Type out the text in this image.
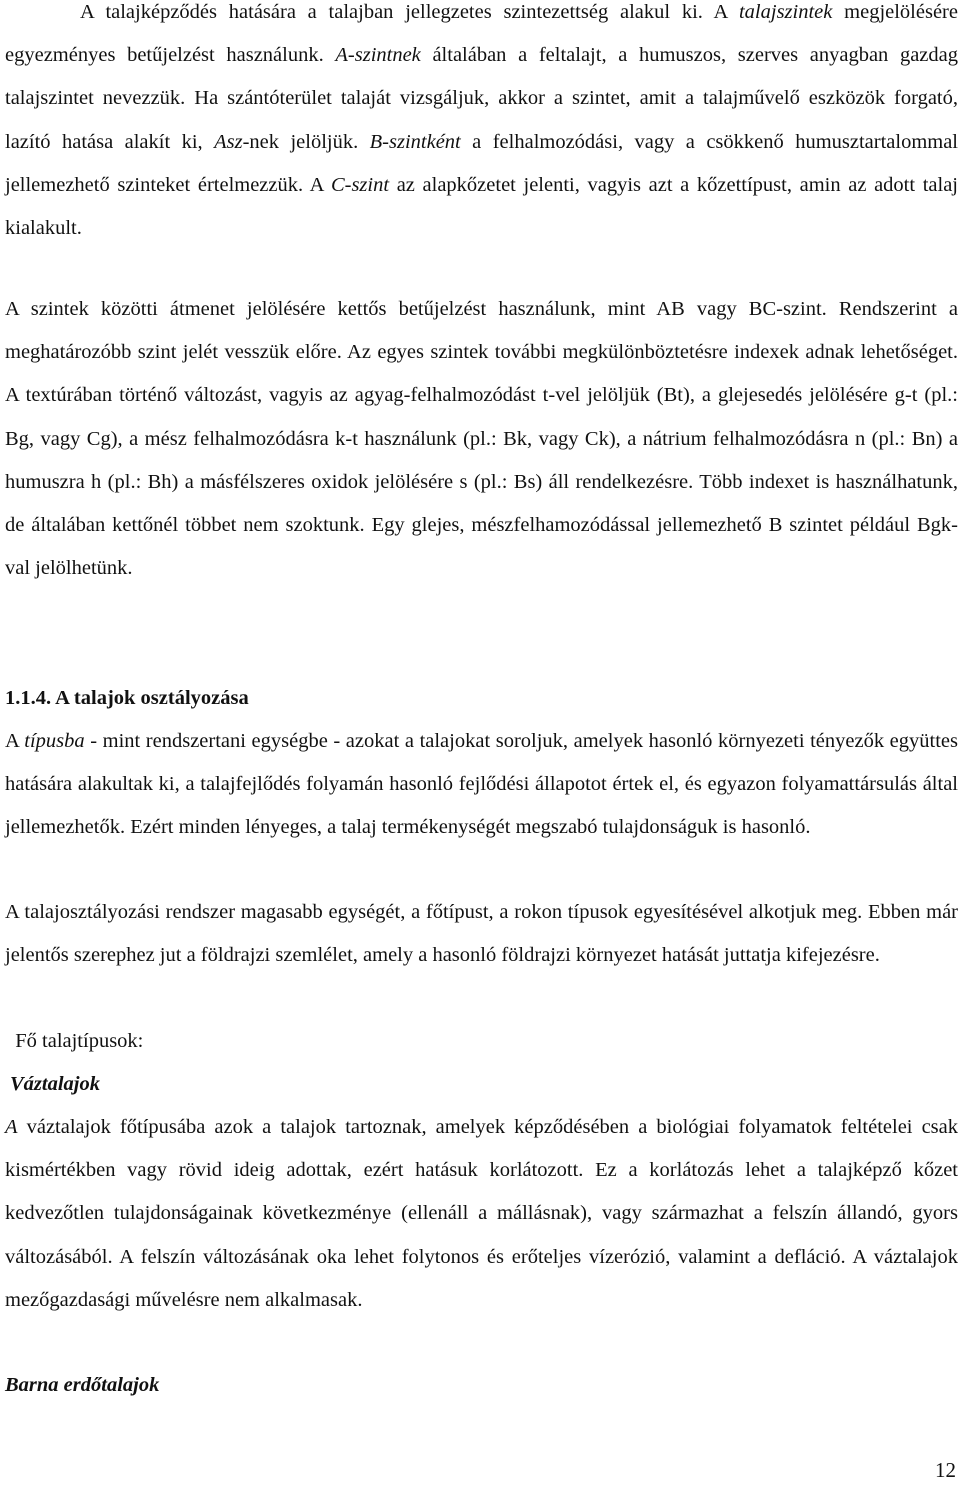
A talajképződés hatására a talajban jellegzetes szintezettség alakul ki. A talajszintek megjelölésére egyezményes betűjelzést használunk. A-szintnek általában a feltalajt, a humuszos, szerves anyagban gazdag talajszintet nevezzük. Ha szántóterület talaját vizsgáljuk, akkor a szintet, amit a talajművelő eszközök forgató, lazító hatása alakít ki, Asz-nek jelöljük. B-szintként a felhalmozódási, vagy a csökkenő humusztartalommal jellemezhető szinteket értelmezzük. A C-szint az alapkőzetet jelenti, vagyis azt a kőzettípust, amin az adott talaj kialakult.

A szintek közötti átmenet jelölésére kettős betűjelzést használunk, mint AB vagy BC-szint. Rendszerint a meghatározóbb szint jelét vesszük előre. Az egyes szintek további megkülönböztetésre indexek adnak lehetőséget. A textúrában történő változást, vagyis az agyag-felhalmozódást t-vel jelöljük (Bt), a glejesedés jelölésére g-t (pl.: Bg, vagy Cg), a mész felhalmozódásra k-t használunk (pl.: Bk, vagy Ck), a nátrium felhalmozódásra n (pl.: Bn) a humuszra h (pl.: Bh) a másfélszeres oxidok jelölésére s (pl.: Bs) áll rendelkezésre. Több indexet is használhatunk, de általában kettőnél többet nem szoktunk. Egy glejes, mészfelhamozódással jellemezhető B szintet például Bgk-val jelölhetünk.

1.1.4. A talajok osztályozása

A típusba - mint rendszertani egységbe - azokat a talajokat soroljuk, amelyek hasonló környezeti tényezők együttes hatására alakultak ki, a talajfejlődés folyamán hasonló fejlődési állapotot értek el, és egyazon folyamattársulás által jellemezhetők. Ezért minden lényeges, a talaj termékenységét megszabó tulajdonságuk is hasonló.

A talajosztályozási rendszer magasabb egységét, a főtípust, a rokon típusok egyesítésével alkotjuk meg. Ebben már jelentős szerephez jut a földrajzi szemlélet, amely a hasonló földrajzi környezet hatását juttatja kifejezésre.

Fő talajtípusok:

Váztalajok

A váztalajok főtípusába azok a talajok tartoznak, amelyek képződésében a biológiai folyamatok feltételei csak kismértékben vagy rövid ideig adottak, ezért hatásuk korlátozott. Ez a korlátozás lehet a talajképző kőzet kedvezőtlen tulajdonságainak következménye (ellenáll a mállásnak), vagy származhat a felszín állandó, gyors változásából. A felszín változásának oka lehet folytonos és erőteljes vízerózió, valamint a defláció. A váztalajok mezőgazdasági művelésre nem alkalmasak.

Barna erdőtalajok

12
